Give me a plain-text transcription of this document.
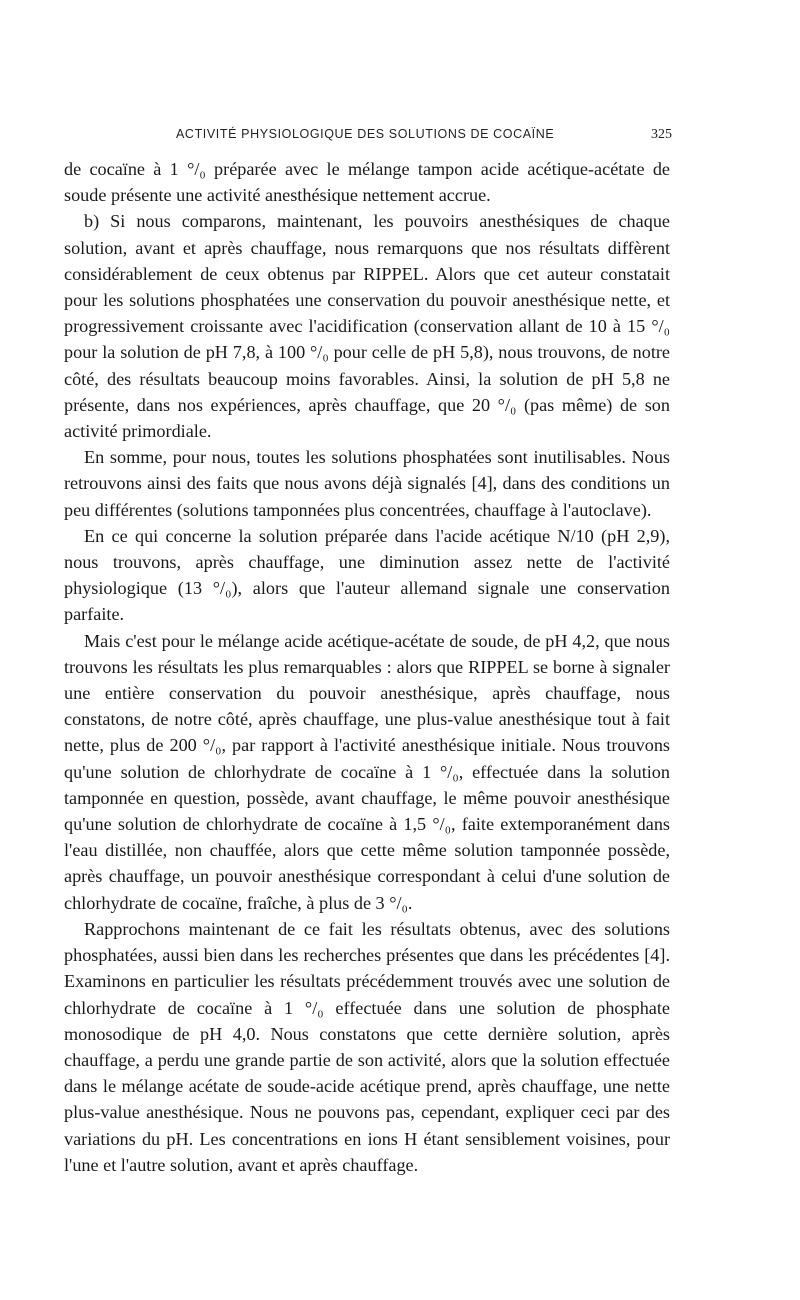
ACTIVITÉ PHYSIOLOGIQUE DES SOLUTIONS DE COCAÏNE	325

de cocaïne à 1 °/₀ préparée avec le mélange tampon acide acétique-acétate de soude présente une activité anesthésique nettement accrue.

b) Si nous comparons, maintenant, les pouvoirs anesthésiques de chaque solution, avant et après chauffage, nous remarquons que nos résultats diffèrent considérablement de ceux obtenus par RIPPEL. Alors que cet auteur constatait pour les solutions phosphatées une conservation du pouvoir anesthésique nette, et progressivement croissante avec l'acidification (conservation allant de 10 à 15 °/₀ pour la solution de pH 7,8, à 100 °/₀ pour celle de pH 5,8), nous trouvons, de notre côté, des résultats beaucoup moins favorables. Ainsi, la solution de pH 5,8 ne présente, dans nos expériences, après chauffage, que 20 °/₀ (pas même) de son activité primordiale.

En somme, pour nous, toutes les solutions phosphatées sont inutilisables. Nous retrouvons ainsi des faits que nous avons déjà signalés [4], dans des conditions un peu différentes (solutions tamponnées plus concentrées, chauffage à l'autoclave).

En ce qui concerne la solution préparée dans l'acide acétique N/10 (pH 2,9), nous trouvons, après chauffage, une diminution assez nette de l'activité physiologique (13 °/₀), alors que l'auteur allemand signale une conservation parfaite.

Mais c'est pour le mélange acide acétique-acétate de soude, de pH 4,2, que nous trouvons les résultats les plus remarquables : alors que RIPPEL se borne à signaler une entière conservation du pouvoir anesthésique, après chauffage, nous constatons, de notre côté, après chauffage, une plus-value anesthésique tout à fait nette, plus de 200 °/₀, par rapport à l'activité anesthésique initiale. Nous trouvons qu'une solution de chlorhydrate de cocaïne à 1 °/₀, effectuée dans la solution tamponnée en question, possède, avant chauffage, le même pouvoir anesthésique qu'une solution de chlorhydrate de cocaïne à 1,5 °/₀, faite extemporanément dans l'eau distillée, non chauffée, alors que cette même solution tamponnée possède, après chauffage, un pouvoir anesthésique correspondant à celui d'une solution de chlorhydrate de cocaïne, fraîche, à plus de 3 °/₀.

Rapprochons maintenant de ce fait les résultats obtenus, avec des solutions phosphatées, aussi bien dans les recherches présentes que dans les précédentes [4]. Examinons en particulier les résultats précédemment trouvés avec une solution de chlorhydrate de cocaïne à 1 °/₀ effectuée dans une solution de phosphate monosodique de pH 4,0. Nous constatons que cette dernière solution, après chauffage, a perdu une grande partie de son activité, alors que la solution effectuée dans le mélange acétate de soude-acide acétique prend, après chauffage, une nette plus-value anesthésique. Nous ne pouvons pas, cependant, expliquer ceci par des variations du pH. Les concentrations en ions H étant sensiblement voisines, pour l'une et l'autre solution, avant et après chauffage.
